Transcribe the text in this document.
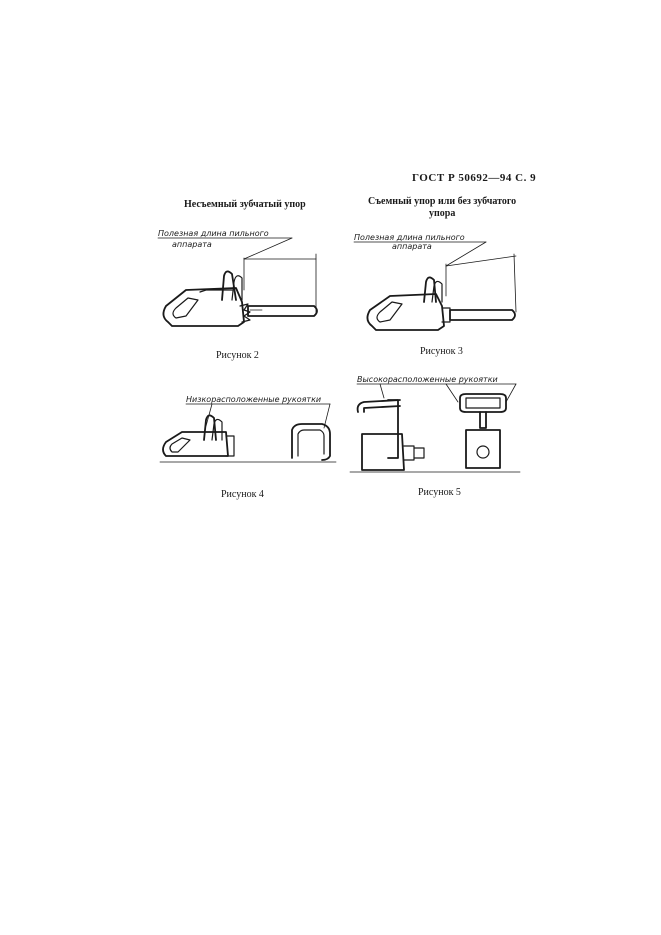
ГОСТ Р 50692—94 С. 9
Несъемный зубчатый упор	Съемный упор или без зубчатого
упора
Полезная длина пильного
аппарата
Рисунок 2
Полезная длина пильного
аппарата
Рисунок 3
Низкорасположенные рукоятки
Рисунок 4
Высокорасположенные рукоятки
Рисунок 5
